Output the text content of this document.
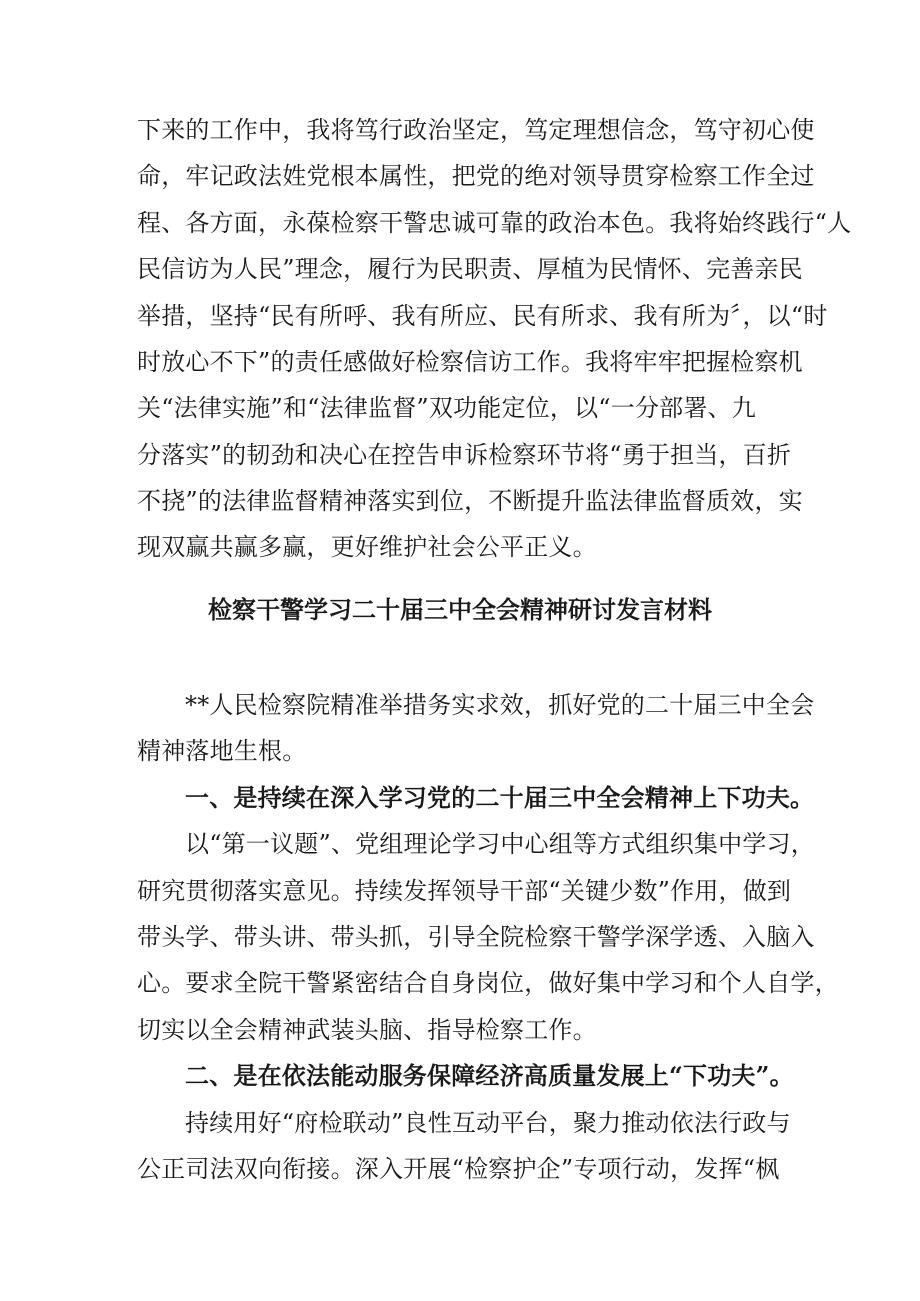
下来的工作中，我将笃行政治坚定，笃定理想信念，笃守初心使
命，牢记政法姓党根本属性，把党的绝对领导贯穿检察工作全过
程、各方面，永葆检察干警忠诚可靠的政治本色。我将始终践行“人
民信访为人民”理念，履行为民职责、厚植为民情怀、完善亲民
举措，坚持“民有所呼、我有所应、民有所求、我有所为〞，以“时
时放心不下”的责任感做好检察信访工作。我将牢牢把握检察机
关“法律实施”和“法律监督”双功能定位，以“一分部署、九
分落实”的韧劲和决心在控告申诉检察环节将“勇于担当，百折
不挠”的法律监督精神落实到位，不断提升监法律监督质效，实
现双赢共赢多赢，更好维护社会公平正义。
检察干警学习二十届三中全会精神研讨发言材料
**人民检察院精准举措务实求效，抓好党的二十届三中全会
精神落地生根。
一、是持续在深入学习党的二十届三中全会精神上下功夫。
以“第一议题”、党组理论学习中心组等方式组织集中学习，
研究贯彻落实意见。持续发挥领导干部“关键少数”作用，做到
带头学、带头讲、带头抓，引导全院检察干警学深学透、入脑入
心。要求全院干警紧密结合自身岗位，做好集中学习和个人自学，
切实以全会精神武装头脑、指导检察工作。
二、是在依法能动服务保障经济高质量发展上“下功夫”。
持续用好“府检联动”良性互动平台，聚力推动依法行政与
公正司法双向衔接。深入开展“检察护企”专项行动，发挥“枫
